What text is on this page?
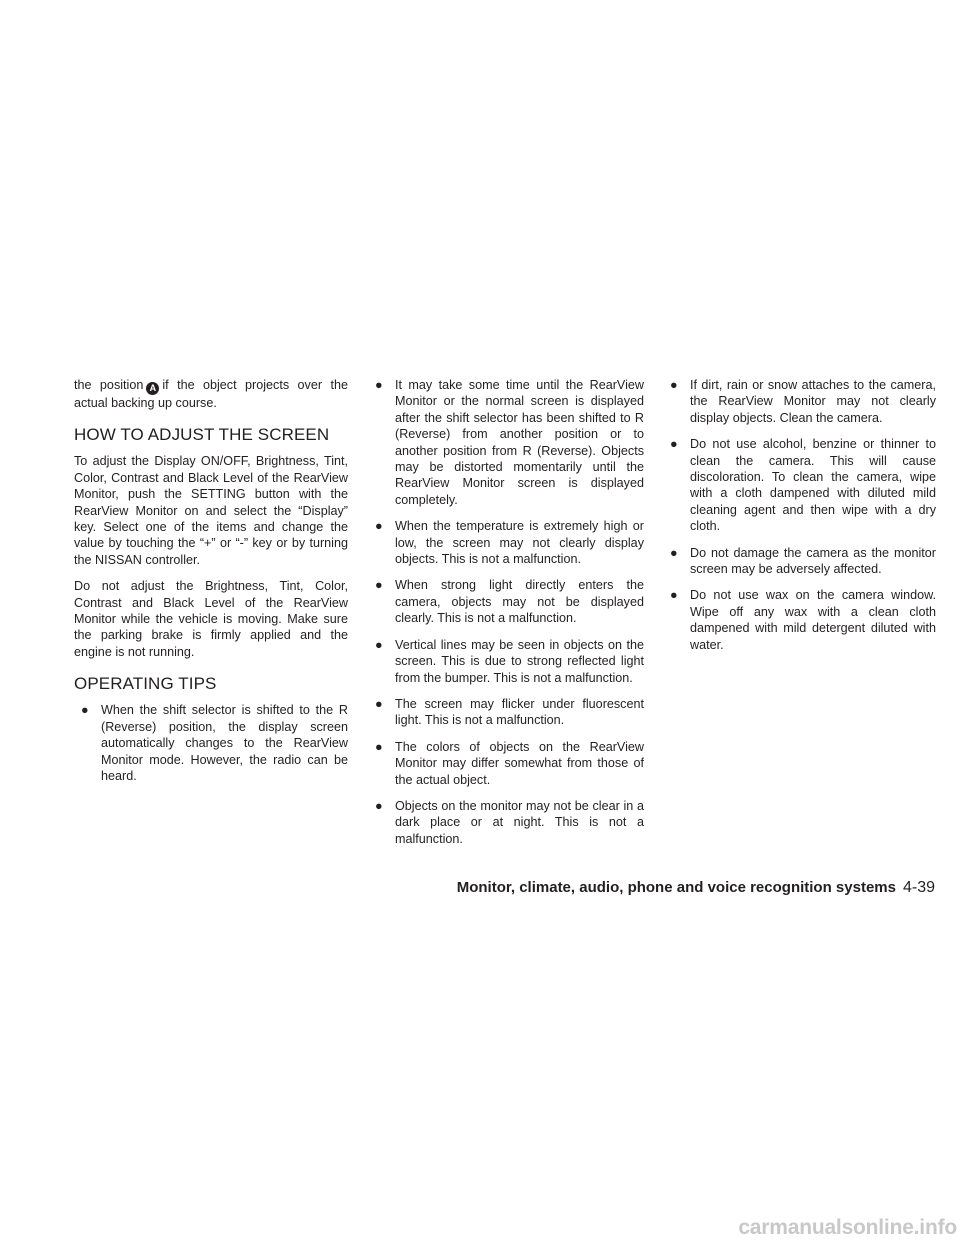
the position A if the object projects over the actual backing up course.

HOW TO ADJUST THE SCREEN

To adjust the Display ON/OFF, Brightness, Tint, Color, Contrast and Black Level of the RearView Monitor, push the SETTING button with the RearView Monitor on and select the “Display” key. Select one of the items and change the value by touching the “+” or “-” key or by turning the NISSAN controller.

Do not adjust the Brightness, Tint, Color, Contrast and Black Level of the RearView Monitor while the vehicle is moving. Make sure the parking brake is firmly applied and the engine is not running.

OPERATING TIPS
● When the shift selector is shifted to the R (Reverse) position, the display screen automatically changes to the RearView Monitor mode. However, the radio can be heard.
● It may take some time until the RearView Monitor or the normal screen is displayed after the shift selector has been shifted to R (Reverse) from another position or to another position from R (Reverse). Objects may be distorted momentarily until the RearView Monitor screen is displayed completely.
● When the temperature is extremely high or low, the screen may not clearly display objects. This is not a malfunction.
● When strong light directly enters the camera, objects may not be displayed clearly. This is not a malfunction.
● Vertical lines may be seen in objects on the screen. This is due to strong reflected light from the bumper. This is not a malfunction.
● The screen may flicker under fluorescent light. This is not a malfunction.
● The colors of objects on the RearView Monitor may differ somewhat from those of the actual object.
● Objects on the monitor may not be clear in a dark place or at night. This is not a malfunction.
● If dirt, rain or snow attaches to the camera, the RearView Monitor may not clearly display objects. Clean the camera.
● Do not use alcohol, benzine or thinner to clean the camera. This will cause discoloration. To clean the camera, wipe with a cloth dampened with diluted mild cleaning agent and then wipe with a dry cloth.
● Do not damage the camera as the monitor screen may be adversely affected.
● Do not use wax on the camera window. Wipe off any wax with a clean cloth dampened with mild detergent diluted with water.
Monitor, climate, audio, phone and voice recognition systems 4-39
carmanualsonline.info
